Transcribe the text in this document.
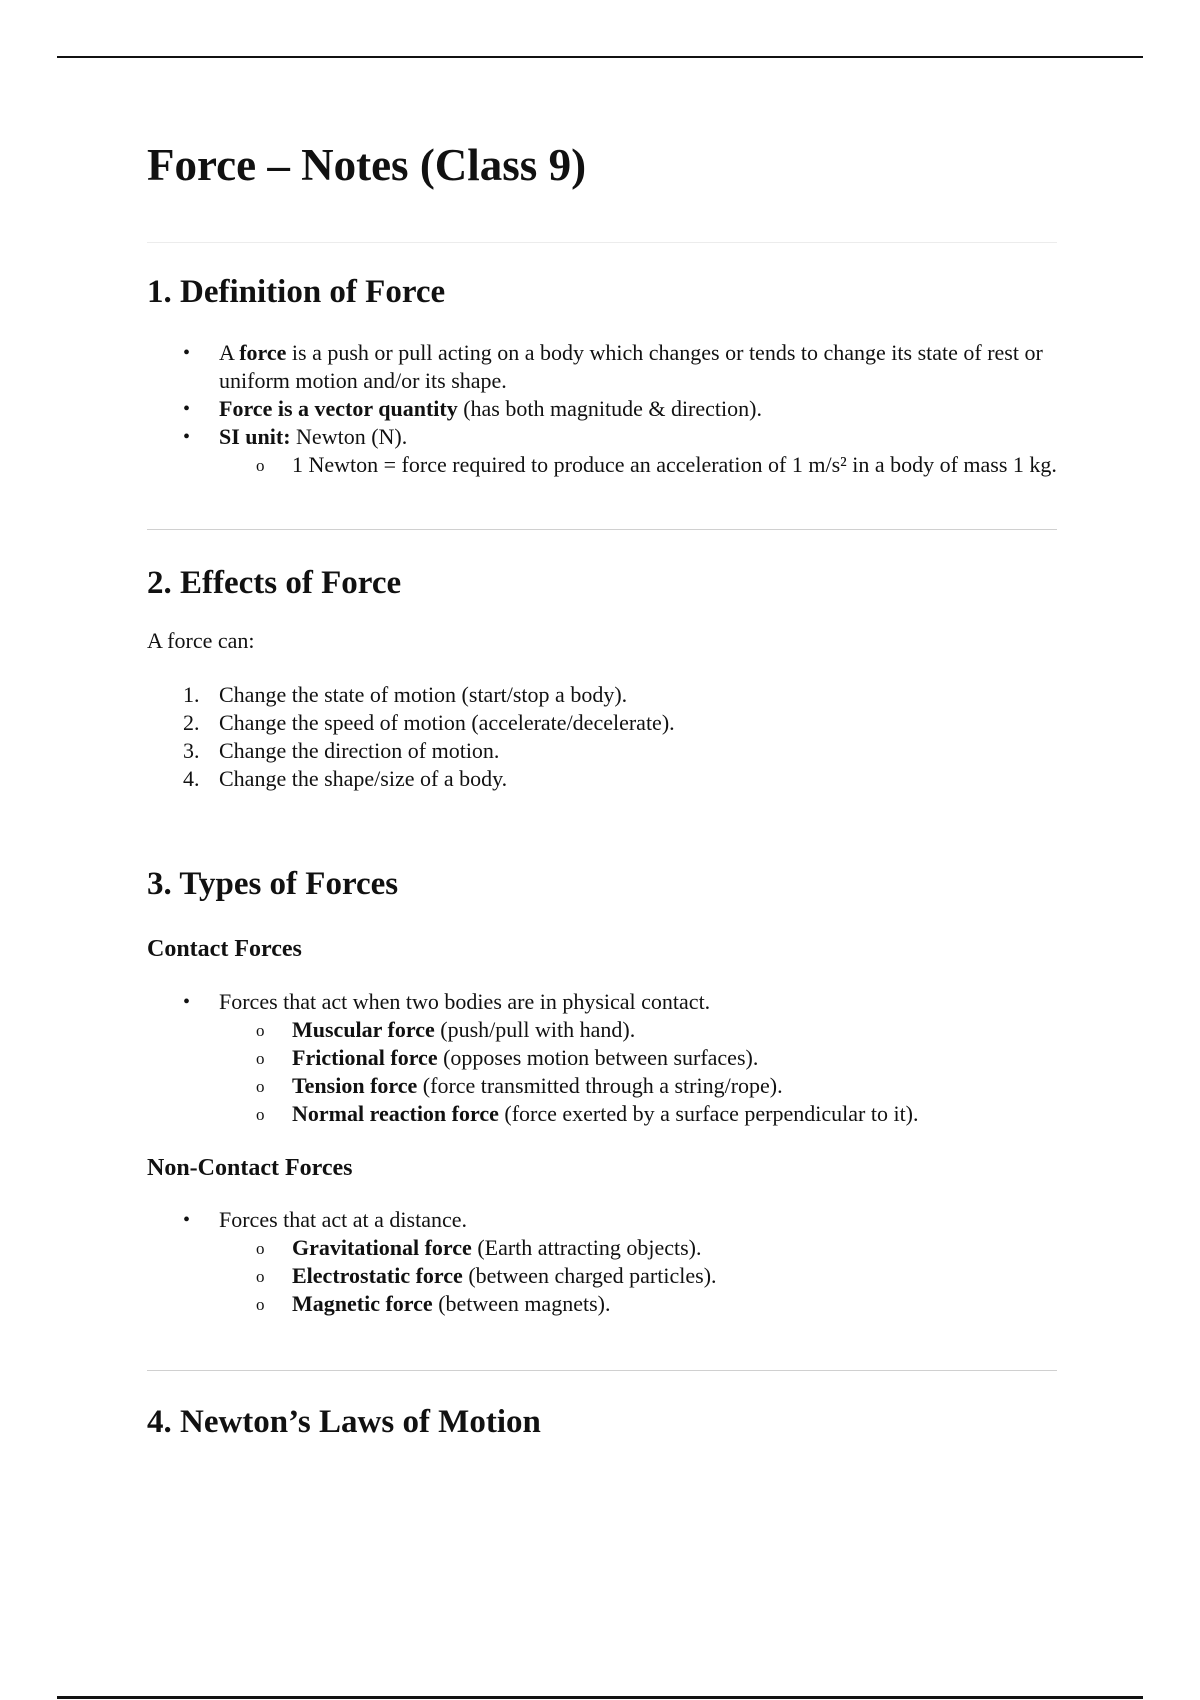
Force – Notes (Class 9)
1. Definition of Force
• A force is a push or pull acting on a body which changes or tends to change its state of rest or uniform motion and/or its shape.
• Force is a vector quantity (has both magnitude & direction).
• SI unit: Newton (N).
o 1 Newton = force required to produce an acceleration of 1 m/s² in a body of mass 1 kg.
2. Effects of Force

A force can:

1. Change the state of motion (start/stop a body).
2. Change the speed of motion (accelerate/decelerate).
3. Change the direction of motion.
4. Change the shape/size of a body.
3. Types of Forces
Contact Forces
• Forces that act when two bodies are in physical contact.
o Muscular force (push/pull with hand).
o Frictional force (opposes motion between surfaces).
o Tension force (force transmitted through a string/rope).
o Normal reaction force (force exerted by a surface perpendicular to it).
Non-Contact Forces
• Forces that act at a distance.
o Gravitational force (Earth attracting objects).
o Electrostatic force (between charged particles).
o Magnetic force (between magnets).
4. Newton’s Laws of Motion
